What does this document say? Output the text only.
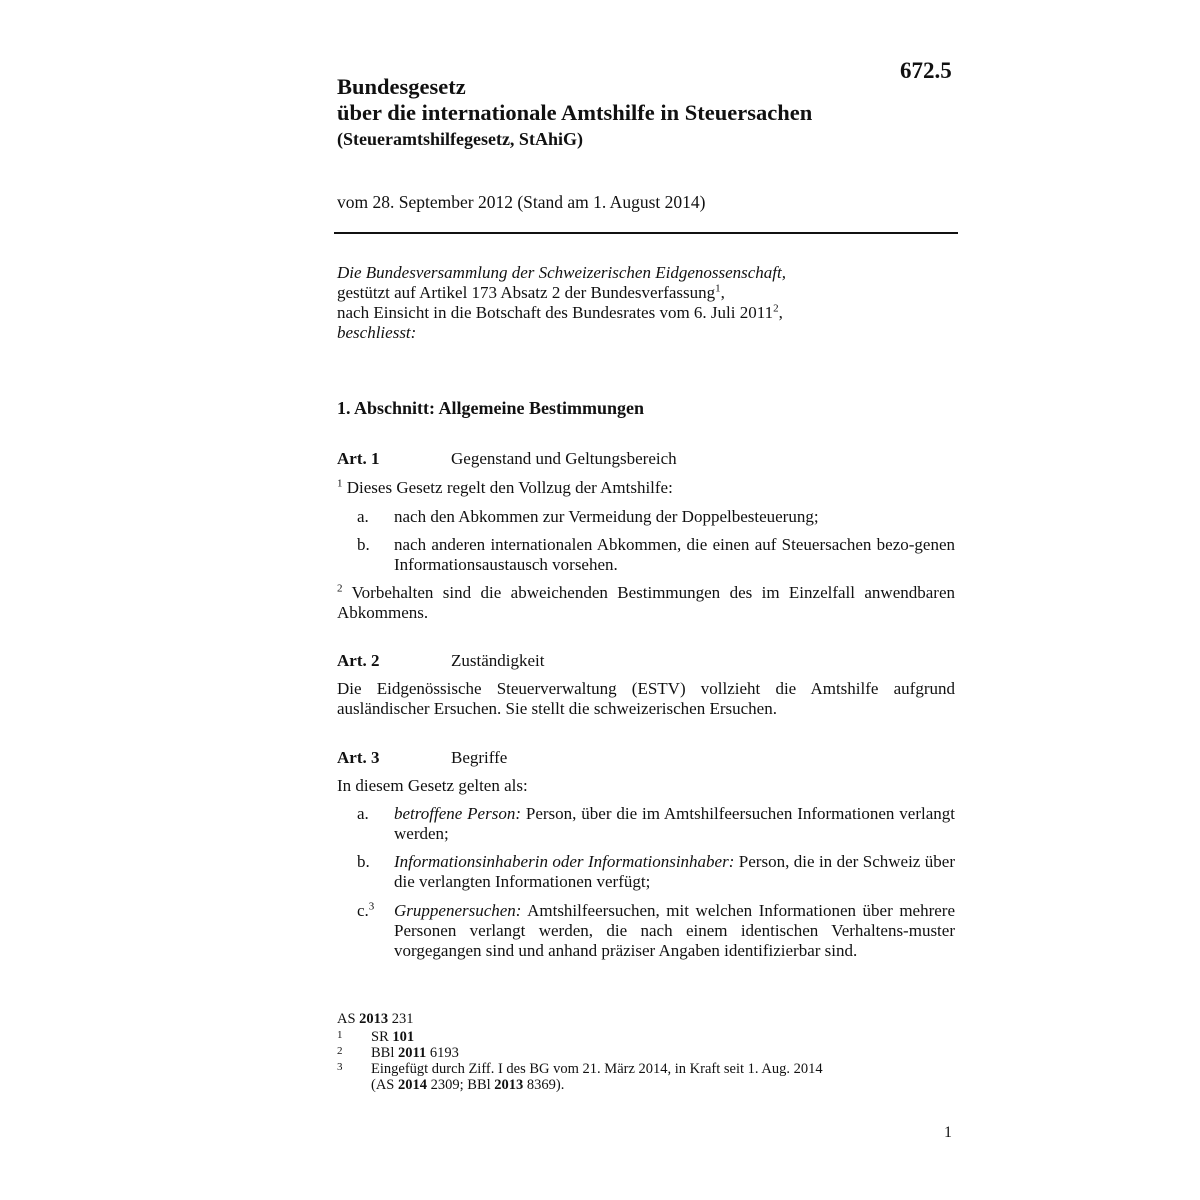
672.5
Bundesgesetz
über die internationale Amtshilfe in Steuersachen
(Steueramtshilfegesetz, StAhiG)
vom 28. September 2012 (Stand am 1. August 2014)
Die Bundesversammlung der Schweizerischen Eidgenossenschaft,
gestützt auf Artikel 173 Absatz 2 der Bundesverfassung$^1$,
nach Einsicht in die Botschaft des Bundesrates vom 6. Juli 2011$^2$,
beschliesst:
1. Abschnitt: Allgemeine Bestimmungen
Art. 1	Gegenstand und Geltungsbereich
$^1$ Dieses Gesetz regelt den Vollzug der Amtshilfe:
a. nach den Abkommen zur Vermeidung der Doppelbesteuerung;
b. nach anderen internationalen Abkommen, die einen auf Steuersachen bezo-genen Informationsaustausch vorsehen.
$^2$ Vorbehalten sind die abweichenden Bestimmungen des im Einzelfall anwendbaren Abkommens.
Art. 2	Zuständigkeit
Die Eidgenössische Steuerverwaltung (ESTV) vollzieht die Amtshilfe aufgrund ausländischer Ersuchen. Sie stellt die schweizerischen Ersuchen.
Art. 3	Begriffe
In diesem Gesetz gelten als:
a. betroffene Person: Person, über die im Amtshilfeersuchen Informationen verlangt werden;
b. Informationsinhaberin oder Informationsinhaber: Person, die in der Schweiz über die verlangten Informationen verfügt;
c.$^3$ Gruppenersuchen: Amtshilfeersuchen, mit welchen Informationen über mehrere Personen verlangt werden, die nach einem identischen Verhaltens-muster vorgegangen sind und anhand präziser Angaben identifizierbar sind.
AS 2013 231
1 SR 101
2 BBl 2011 6193
3 Eingefügt durch Ziff. I des BG vom 21. März 2014, in Kraft seit 1. Aug. 2014
(AS 2014 2309; BBl 2013 8369).
1
